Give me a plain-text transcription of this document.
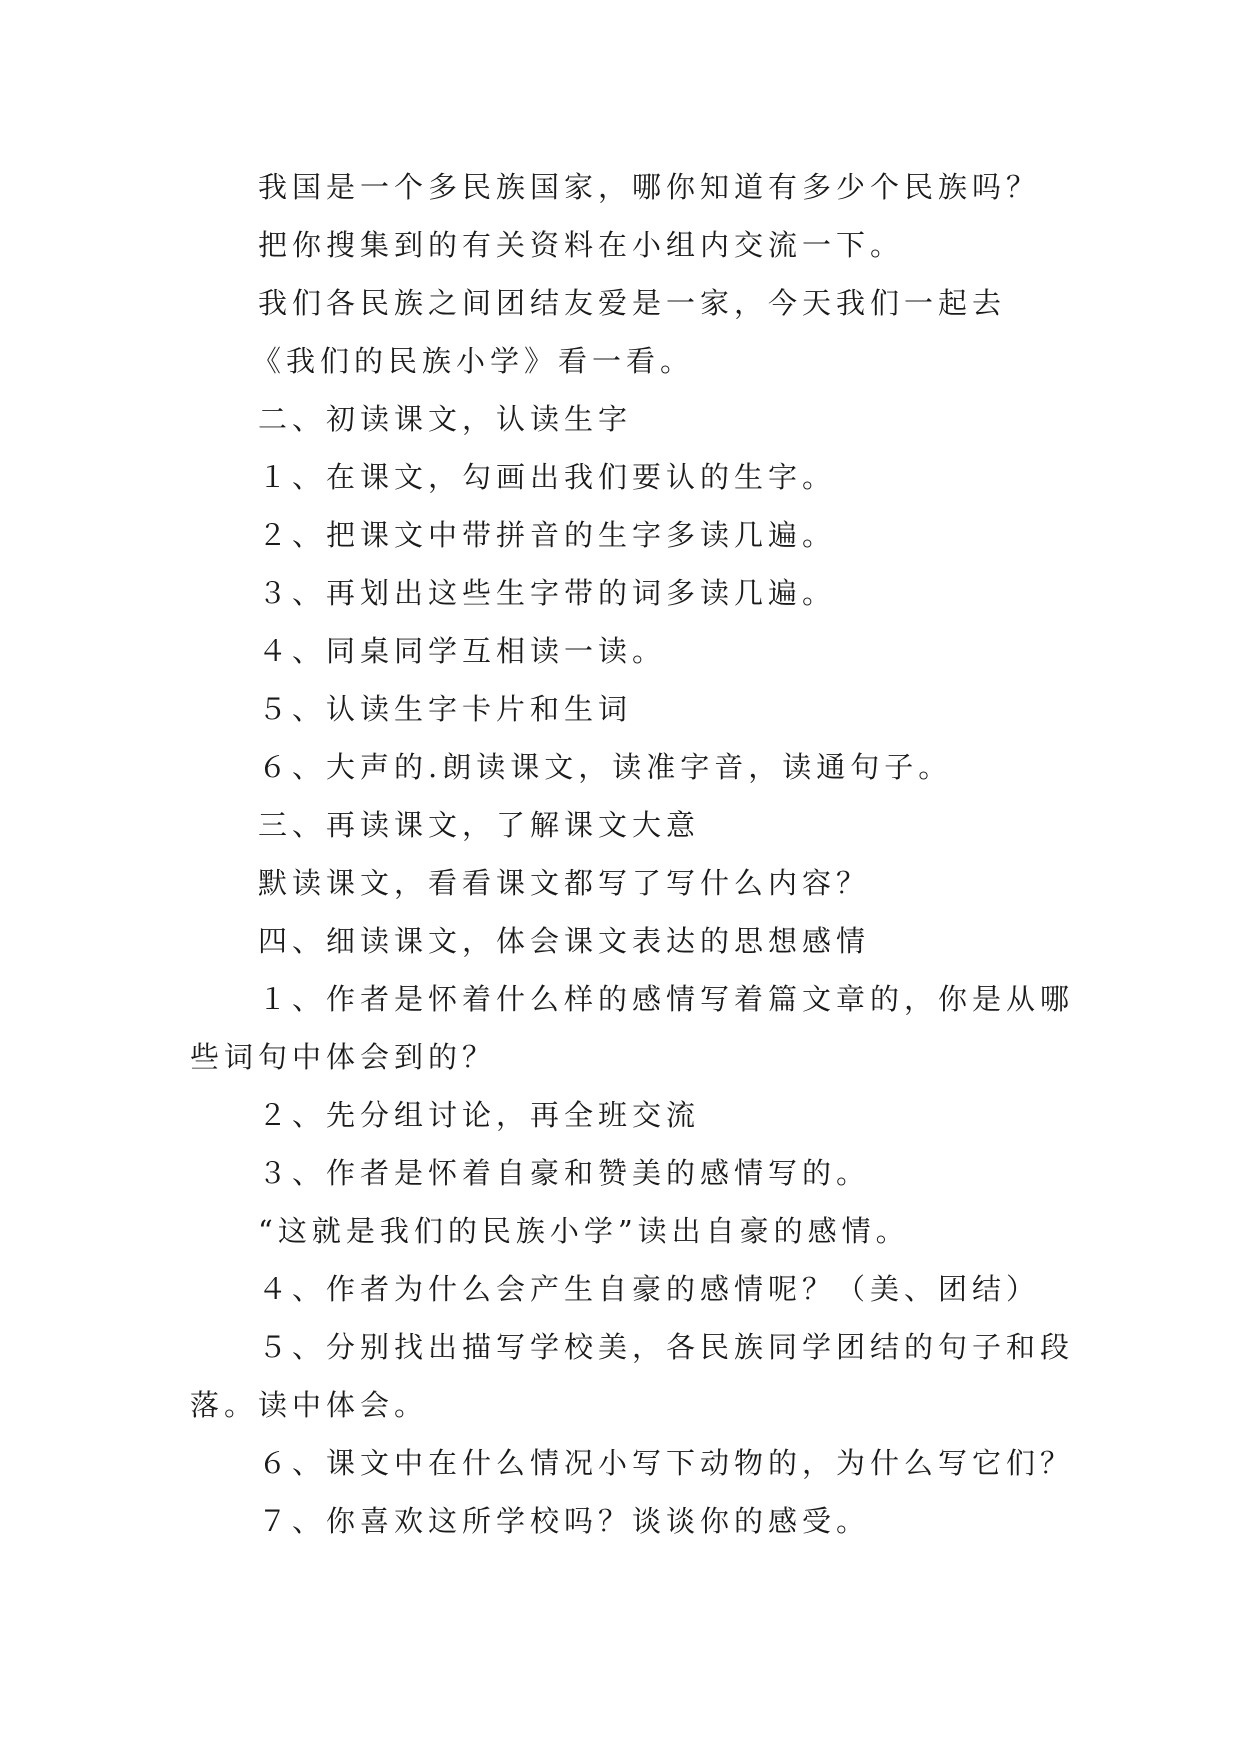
我国是一个多民族国家，哪你知道有多少个民族吗？
把你搜集到的有关资料在小组内交流一下。
我们各民族之间团结友爱是一家，今天我们一起去
《我们的民族小学》看一看。
二、初读课文，认读生字
１、在课文，勾画出我们要认的生字。
２、把课文中带拼音的生字多读几遍。
３、再划出这些生字带的词多读几遍。
４、同桌同学互相读一读。
５、认读生字卡片和生词
６、大声的.朗读课文，读准字音，读通句子。
三、再读课文，了解课文大意
默读课文，看看课文都写了写什么内容？
四、细读课文，体会课文表达的思想感情
１、作者是怀着什么样的感情写着篇文章的，你是从哪
些词句中体会到的？
２、先分组讨论，再全班交流
３、作者是怀着自豪和赞美的感情写的。
“这就是我们的民族小学”读出自豪的感情。
４、作者为什么会产生自豪的感情呢？（美、团结）
５、分别找出描写学校美，各民族同学团结的句子和段
落。读中体会。
６、课文中在什么情况小写下动物的，为什么写它们？
７、你喜欢这所学校吗？谈谈你的感受。
